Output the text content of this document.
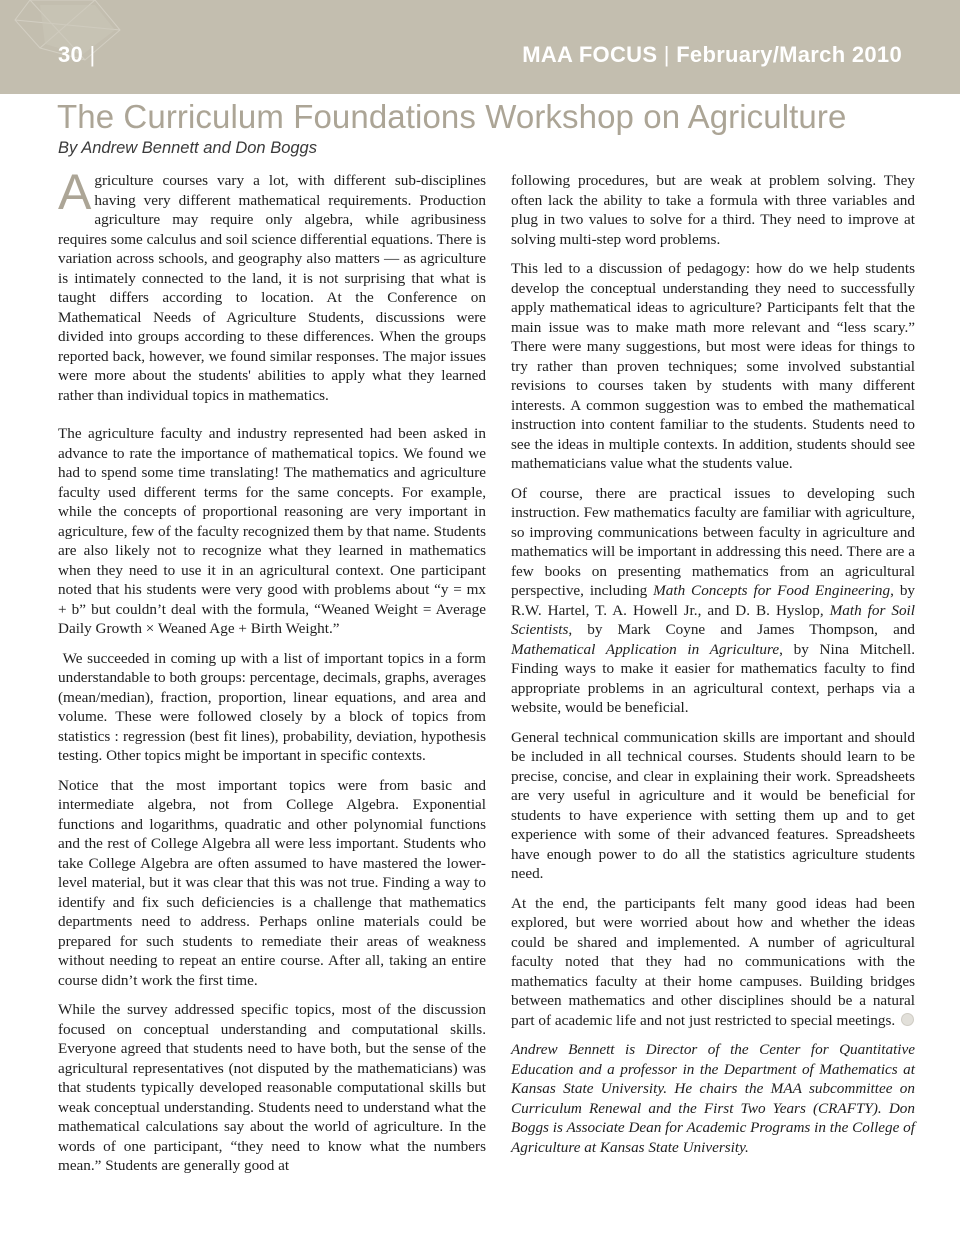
30 |	MAA FOCUS | February/March 2010
The Curriculum Foundations Workshop on Agriculture
By Andrew Bennett and Don Boggs

Agriculture courses vary a lot, with different sub-disciplines having very different mathematical requirements. Production agriculture may require only algebra, while agribusiness requires some calculus and soil science differential equations. There is variation across schools, and geography also matters — as agriculture is intimately connected to the land, it is not surprising that what is taught differs according to location. At the Conference on Mathematical Needs of Agriculture Students, discussions were divided into groups according to these differences. When the groups reported back, however, we found similar responses. The major issues were more about the students' abilities to apply what they learned rather than individual topics in mathematics.

The agriculture faculty and industry represented had been asked in advance to rate the importance of mathematical topics. We found we had to spend some time translating! The mathematics and agriculture faculty used different terms for the same concepts. For example, while the concepts of proportional reasoning are very important in agriculture, few of the faculty recognized them by that name. Students are also likely not to recognize what they learned in mathematics when they need to use it in an agricultural context. One participant noted that his students were very good with problems about “y = mx + b” but couldn’t deal with the formula, “Weaned Weight = Average Daily Growth × Weaned Age + Birth Weight.”

We succeeded in coming up with a list of important topics in a form understandable to both groups: percentage, decimals, graphs, averages (mean/median), fraction, proportion, linear equations, and area and volume. These were followed closely by a block of topics from statistics : regression (best fit lines), probability, deviation, hypothesis testing. Other topics might be important in specific contexts.

Notice that the most important topics were from basic and intermediate algebra, not from College Algebra. Exponential functions and logarithms, quadratic and other polynomial functions and the rest of College Algebra all were less important. Students who take College Algebra are often assumed to have mastered the lower-level material, but it was clear that this was not true. Finding a way to identify and fix such deficiencies is a challenge that mathematics departments need to address. Perhaps online materials could be prepared for such students to remediate their areas of weakness without needing to repeat an entire course. After all, taking an entire course didn’t work the first time.

While the survey addressed specific topics, most of the discussion focused on conceptual understanding and computational skills. Everyone agreed that students need to have both, but the sense of the agricultural representatives (not disputed by the mathematicians) was that students typically developed reasonable computational skills but weak conceptual understanding. Students need to understand what the mathematical calculations say about the world of agriculture. In the words of one participant, “they need to know what the numbers mean.” Students are generally good at

following procedures, but are weak at problem solving. They often lack the ability to take a formula with three variables and plug in two values to solve for a third. They need to improve at solving multi-step word problems.

This led to a discussion of pedagogy: how do we help students develop the conceptual understanding they need to successfully apply mathematical ideas to agriculture? Participants felt that the main issue was to make math more relevant and “less scary.” There were many suggestions, but most were ideas for things to try rather than proven techniques; some involved substantial revisions to courses taken by students with many different interests. A common suggestion was to embed the mathematical instruction into content familiar to the students. Students need to see the ideas in multiple contexts. In addition, students should see mathematicians value what the students value.

Of course, there are practical issues to developing such instruction. Few mathematics faculty are familiar with agriculture, so improving communications between faculty in agriculture and mathematics will be important in addressing this need. There are a few books on presenting mathematics from an agricultural perspective, including Math Concepts for Food Engineering, by R.W. Hartel, T. A. Howell Jr., and D. B. Hyslop, Math for Soil Scientists, by Mark Coyne and James Thompson, and Mathematical Application in Agriculture, by Nina Mitchell. Finding ways to make it easier for mathematics faculty to find appropriate problems in an agricultural context, perhaps via a website, would be beneficial.

General technical communication skills are important and should be included in all technical courses. Students should learn to be precise, concise, and clear in explaining their work. Spreadsheets are very useful in agriculture and it would be beneficial for students to have experience with setting them up and to get experience with some of their advanced features. Spreadsheets have enough power to do all the statistics agriculture students need.

At the end, the participants felt many good ideas had been explored, but were worried about how and whether the ideas could be shared and implemented. A number of agricultural faculty noted that they had no communications with the mathematics faculty at their home campuses. Building bridges between mathematics and other disciplines should be a natural part of academic life and not just restricted to special meetings.

Andrew Bennett is Director of the Center for Quantitative Education and a professor in the Department of Mathematics at Kansas State University. He chairs the MAA subcommittee on Curriculum Renewal and the First Two Years (CRAFTY). Don Boggs is Associate Dean for Academic Programs in the College of Agriculture at Kansas State University.
